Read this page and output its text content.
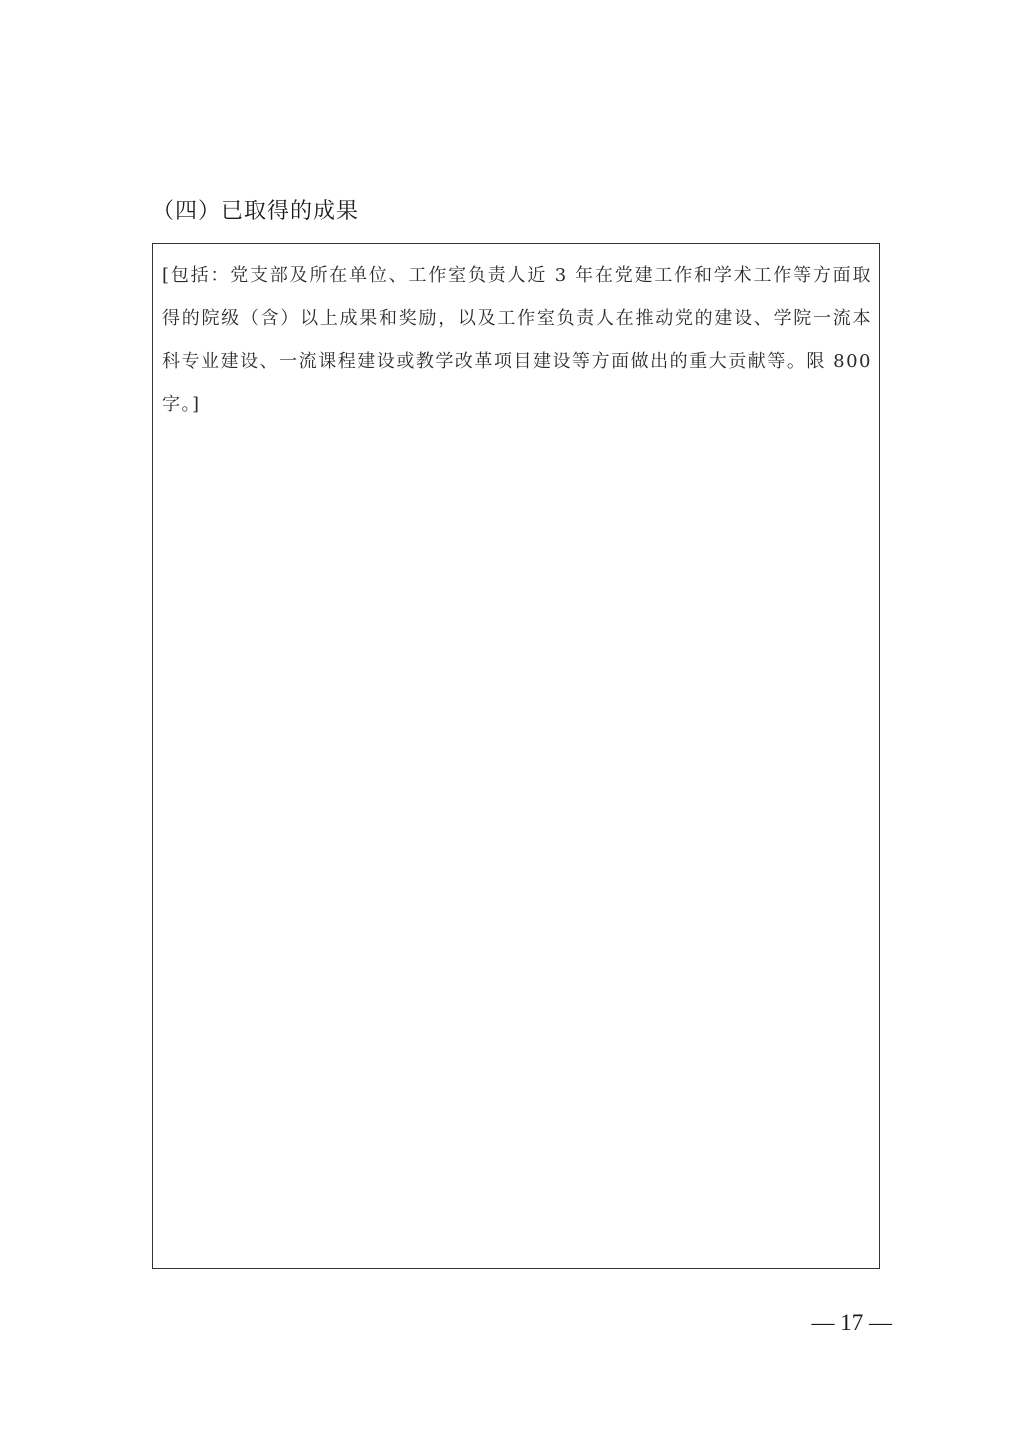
（四）已取得的成果
[包括：党支部及所在单位、工作室负责人近 3 年在党建工作和学术工作等方面取得的院级（含）以上成果和奖励，以及工作室负责人在推动党的建设、学院一流本科专业建设、一流课程建设或教学改革项目建设等方面做出的重大贡献等。限 800 字。]
— 17 —
